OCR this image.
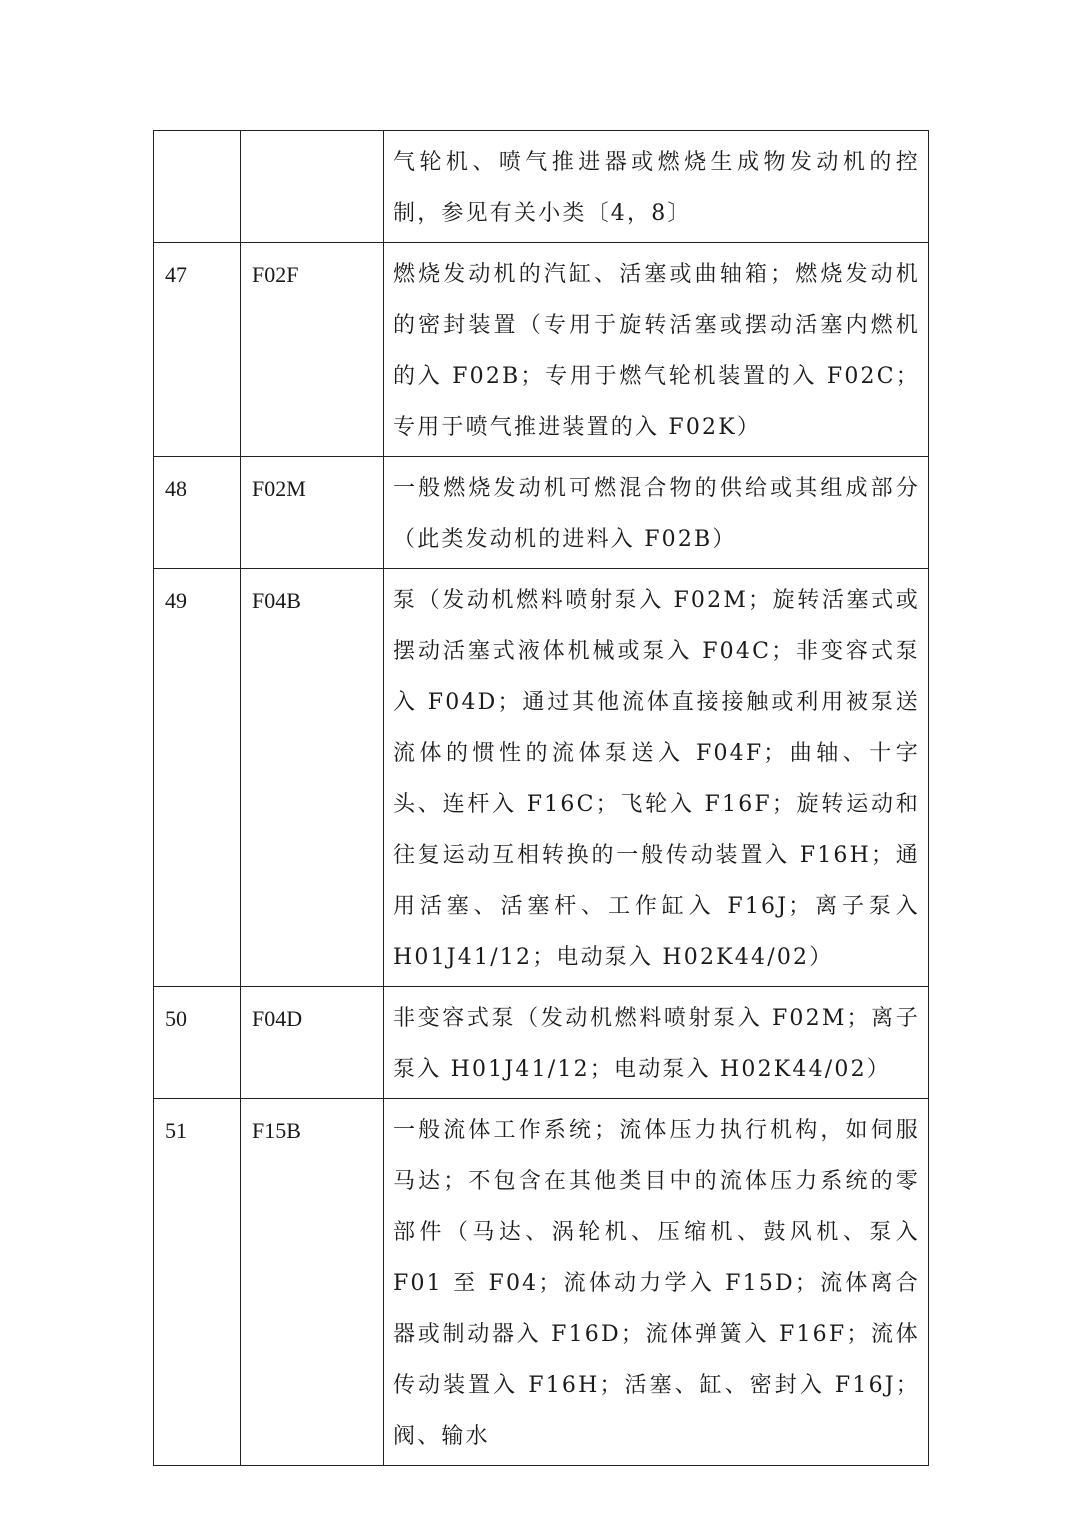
		气轮机、喷气推进器或燃烧生成物发动机的控制，参见有关小类〔4，8〕

47	F02F	燃烧发动机的汽缸、活塞或曲轴箱；燃烧发动机的密封装置（专用于旋转活塞或摆动活塞内燃机的入 F02B；专用于燃气轮机装置的入 F02C；专用于喷气推进装置的入 F02K）

48	F02M	一般燃烧发动机可燃混合物的供给或其组成部分（此类发动机的进料入 F02B）

49	F04B	泵（发动机燃料喷射泵入 F02M；旋转活塞式或摆动活塞式液体机械或泵入 F04C；非变容式泵入 F04D；通过其他流体直接接触或利用被泵送流体的惯性的流体泵送入 F04F；曲轴、十字头、连杆入 F16C；飞轮入 F16F；旋转运动和往复运动互相转换的一般传动装置入 F16H；通用活塞、活塞杆、工作缸入 F16J；离子泵入 H01J41/12；电动泵入 H02K44/02）

50	F04D	非变容式泵（发动机燃料喷射泵入 F02M；离子泵入 H01J41/12；电动泵入 H02K44/02）

51	F15B	一般流体工作系统；流体压力执行机构，如伺服马达；不包含在其他类目中的流体压力系统的零部件（马达、涡轮机、压缩机、鼓风机、泵入 F01 至 F04；流体动力学入 F15D；流体离合器或制动器入 F16D；流体弹簧入 F16F；流体传动装置入 F16H；活塞、缸、密封入 F16J；阀、输水
